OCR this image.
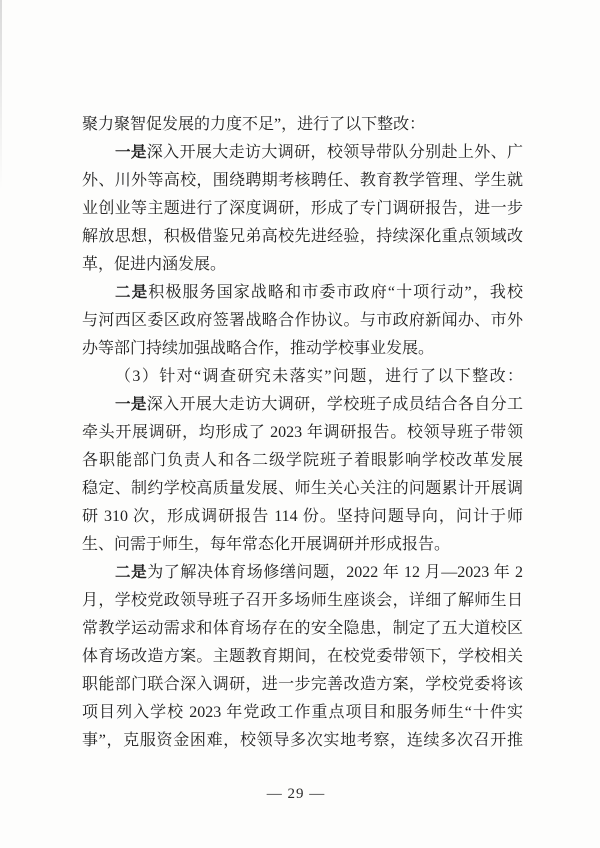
聚力聚智促发展的力度不足”，进行了以下整改：
一是深入开展大走访大调研，校领导带队分别赴上外、广
外、川外等高校，围绕聘期考核聘任、教育教学管理、学生就
业创业等主题进行了深度调研，形成了专门调研报告，进一步
解放思想，积极借鉴兄弟高校先进经验，持续深化重点领域改
革，促进内涵发展。
二是积极服务国家战略和市委市政府“十项行动”，我校
与河西区委区政府签署战略合作协议。与市政府新闻办、市外
办等部门持续加强战略合作，推动学校事业发展。
（3）针对“调查研究未落实”问题，进行了以下整改：
一是深入开展大走访大调研，学校班子成员结合各自分工
牵头开展调研，均形成了 2023 年调研报告。校领导班子带领
各职能部门负责人和各二级学院班子着眼影响学校改革发展
稳定、制约学校高质量发展、师生关心关注的问题累计开展调
研 310 次，形成调研报告 114 份。坚持问题导向，问计于师
生、问需于师生，每年常态化开展调研并形成报告。
二是为了解决体育场修缮问题，2022 年 12 月—2023 年 2
月，学校党政领导班子召开多场师生座谈会，详细了解师生日
常教学运动需求和体育场存在的安全隐患，制定了五大道校区
体育场改造方案。主题教育期间，在校党委带领下，学校相关
职能部门联合深入调研，进一步完善改造方案，学校党委将该
项目列入学校 2023 年党政工作重点项目和服务师生“十件实
事”，克服资金困难，校领导多次实地考察，连续多次召开推
— 29 —
